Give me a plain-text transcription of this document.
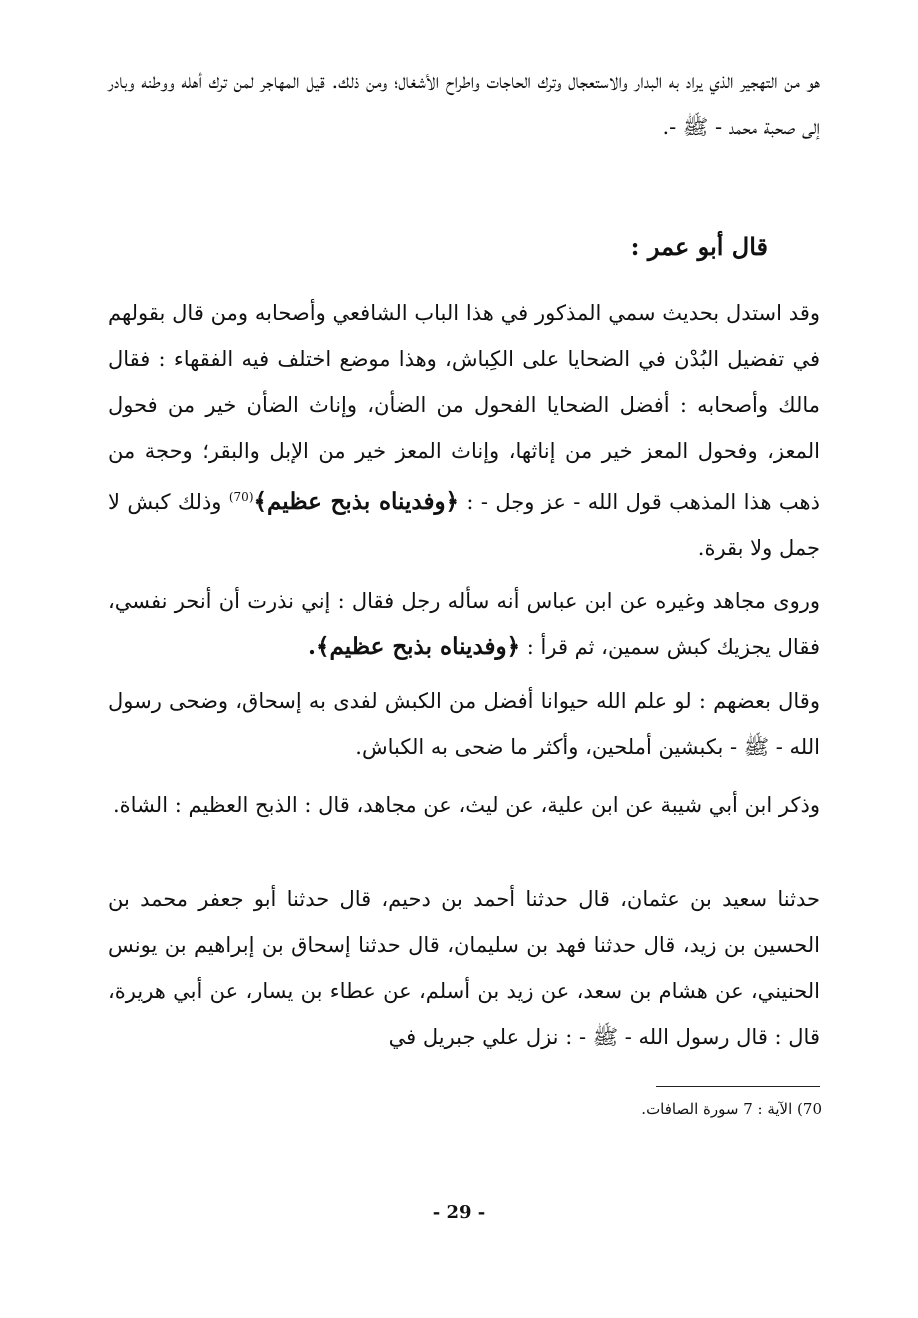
هو من التهجير الذي يراد به البدار والاستعجال وترك الحاجات واطراح الأشغال؛ ومن ذلك. قيل المهاجر لمن ترك أهله ووطنه وبادر إلى صحبة محمد - ﷺ -.

قال أبو عمر :

وقد استدل بحديث سمي المذكور في هذا الباب الشافعي وأصحابه ومن قال بقولهم في تفضيل البُدْن في الضحايا على الكِباش، وهذا موضع اختلف فيه الفقهاء : فقال مالك وأصحابه : أفضل الضحايا الفحول من الضأن، وإناث الضأن خير من فحول المعز، وفحول المعز خير من إناثها، وإناث المعز خير من الإبل والبقر؛ وحجة من ذهب هذا المذهب قول الله - عز وجل - : ﴿وفديناه بذبح عظيم﴾$^{(70)}$ وذلك كبش لا جمل ولا بقرة.

وروى مجاهد وغيره عن ابن عباس أنه سأله رجل فقال : إني نذرت أن أنحر نفسي، فقال يجزيك كبش سمين، ثم قرأ : ﴿وفديناه بذبح عظيم﴾.

وقال بعضهم : لو علم الله حيوانا أفضل من الكبش لفدى به إسحاق، وضحى رسول الله - ﷺ - بكبشين أملحين، وأكثر ما ضحى به الكباش.

وذكر ابن أبي شيبة عن ابن علية، عن ليث، عن مجاهد، قال : الذبح العظيم : الشاة.

حدثنا سعيد بن عثمان، قال حدثنا أحمد بن دحيم، قال حدثنا أبو جعفر محمد بن الحسين بن زيد، قال حدثنا فهد بن سليمان، قال حدثنا إسحاق بن إبراهيم بن يونس الحنيني، عن هشام بن سعد، عن زيد بن أسلم، عن عطاء بن يسار، عن أبي هريرة، قال : قال رسول الله - ﷺ - : نزل علي جبريل في

70) الآية : 7 سورة الصافات.

- 29 -
